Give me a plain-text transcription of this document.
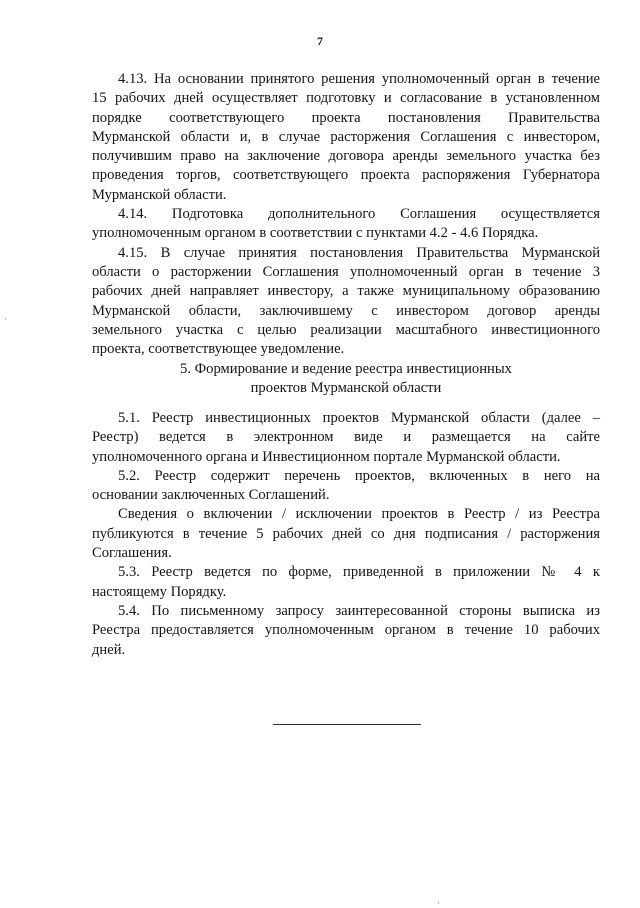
7
·

4.13. На основании принятого решения уполномоченный орган в течение
15 рабочих дней осуществляет подготовку и согласование в установленном
порядке соответствующего проекта постановления Правительства
Мурманской области и, в случае расторжения Соглашения с инвестором,
получившим право на заключение договора аренды земельного участка без
проведения торгов, соответствующего проекта распоряжения Губернатора
Мурманской области.

4.14. Подготовка дополнительного Соглашения осуществляется
уполномоченным органом в соответствии с пунктами 4.2 - 4.6 Порядка.

4.15. В случае принятия постановления Правительства Мурманской
области о расторжении Соглашения уполномоченный орган в течение 3
рабочих дней направляет инвестору, а также муниципальному образованию
Мурманской области, заключившему с инвестором договор аренды
земельного участка с целью реализации масштабного инвестиционного
проекта, соответствующее уведомление.

5. Формирование и ведение реестра инвестиционных
проектов Мурманской области

5.1. Реестр инвестиционных проектов Мурманской области (далее –
Реестр) ведется в электронном виде и размещается на сайте
уполномоченного органа и Инвестиционном портале Мурманской области.

5.2. Реестр содержит перечень проектов, включенных в него на
основании заключенных Соглашений.

Сведения о включении / исключении проектов в Реестр / из Реестра
публикуются в течение 5 рабочих дней со дня подписания / расторжения
Соглашения.

5.3. Реестр ведется по форме, приведенной в приложении № 4 к
настоящему Порядку.

5.4. По письменному запросу заинтересованной стороны выписка из
Реестра предоставляется уполномоченным органом в течение 10 рабочих
дней.

·
